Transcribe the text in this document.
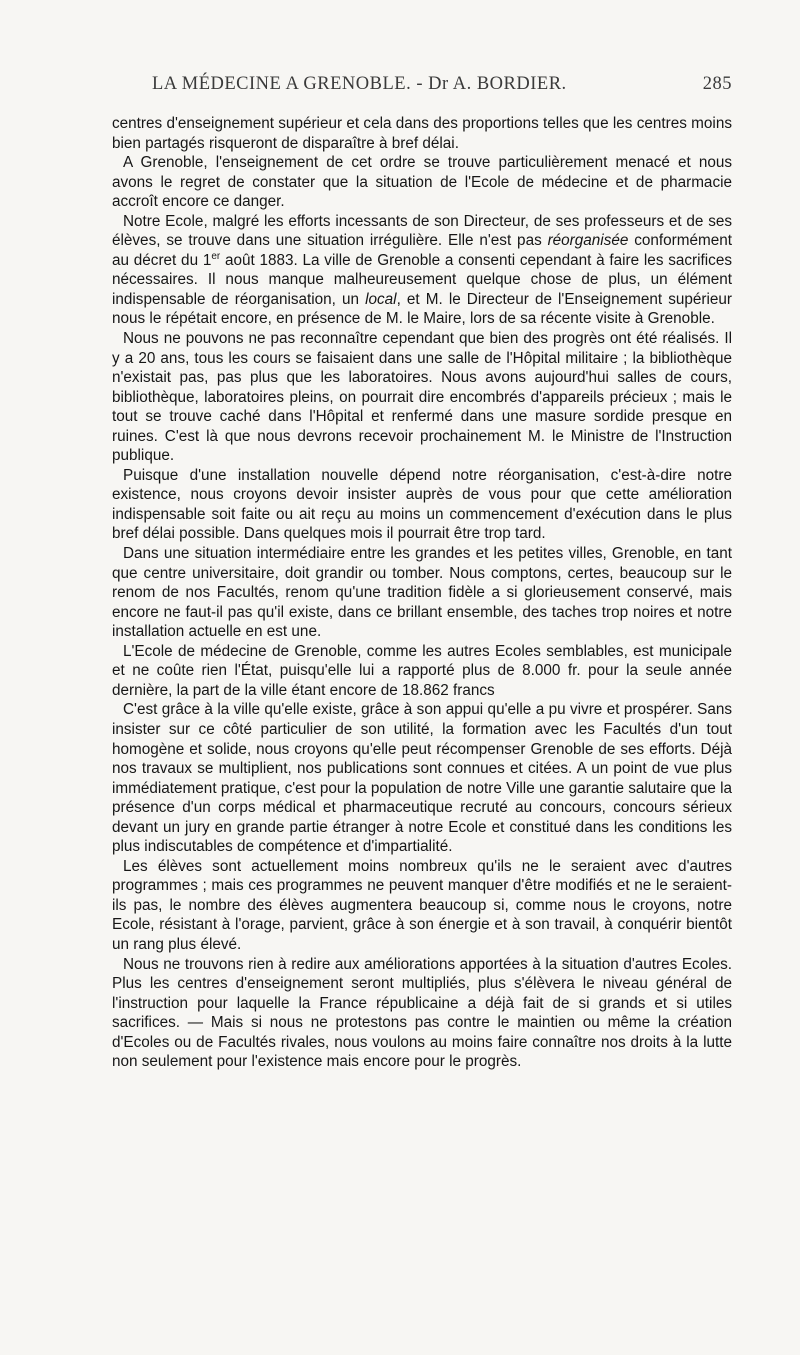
LA MÉDECINE A GRENOBLE. - Dr A. BORDIER.	285

centres d'enseignement supérieur et cela dans des proportions telles que les centres moins bien partagés risqueront de disparaître à bref délai.

A Grenoble, l'enseignement de cet ordre se trouve particulièrement menacé et nous avons le regret de constater que la situation de l'Ecole de médecine et de pharmacie accroît encore ce danger.

Notre Ecole, malgré les efforts incessants de son Directeur, de ses professeurs et de ses élèves, se trouve dans une situation irrégulière. Elle n'est pas réorganisée conformément au décret du 1er août 1883. La ville de Grenoble a consenti cependant à faire les sacrifices nécessaires. Il nous manque malheureusement quelque chose de plus, un élément indispensable de réorganisation, un local, et M. le Directeur de l'Enseignement supérieur nous le répétait encore, en présence de M. le Maire, lors de sa récente visite à Grenoble.

Nous ne pouvons ne pas reconnaître cependant que bien des progrès ont été réalisés. Il y a 20 ans, tous les cours se faisaient dans une salle de l'Hôpital militaire ; la bibliothèque n'existait pas, pas plus que les laboratoires. Nous avons aujourd'hui salles de cours, bibliothèque, laboratoires pleins, on pourrait dire encombrés d'appareils précieux ; mais le tout se trouve caché dans l'Hôpital et renfermé dans une masure sordide presque en ruines. C'est là que nous devrons recevoir prochainement M. le Ministre de l'Instruction publique.

Puisque d'une installation nouvelle dépend notre réorganisation, c'est-à-dire notre existence, nous croyons devoir insister auprès de vous pour que cette amélioration indispensable soit faite ou ait reçu au moins un commencement d'exécution dans le plus bref délai possible. Dans quelques mois il pourrait être trop tard.

Dans une situation intermédiaire entre les grandes et les petites villes, Grenoble, en tant que centre universitaire, doit grandir ou tomber. Nous comptons, certes, beaucoup sur le renom de nos Facultés, renom qu'une tradition fidèle a si glorieusement conservé, mais encore ne faut-il pas qu'il existe, dans ce brillant ensemble, des taches trop noires et notre installation actuelle en est une.

L'Ecole de médecine de Grenoble, comme les autres Ecoles semblables, est municipale et ne coûte rien l'État, puisqu'elle lui a rapporté plus de 8.000 fr. pour la seule année dernière, la part de la ville étant encore de 18.862 francs

C'est grâce à la ville qu'elle existe, grâce à son appui qu'elle a pu vivre et prospérer. Sans insister sur ce côté particulier de son utilité, la formation avec les Facultés d'un tout homogène et solide, nous croyons qu'elle peut récompenser Grenoble de ses efforts. Déjà nos travaux se multiplient, nos publications sont connues et citées. A un point de vue plus immédiatement pratique, c'est pour la population de notre Ville une garantie salutaire que la présence d'un corps médical et pharmaceutique recruté au concours, concours sérieux devant un jury en grande partie étranger à notre Ecole et constitué dans les conditions les plus indiscutables de compétence et d'impartialité.

Les élèves sont actuellement moins nombreux qu'ils ne le seraient avec d'autres programmes ; mais ces programmes ne peuvent manquer d'être modifiés et ne le seraient-ils pas, le nombre des élèves augmentera beaucoup si, comme nous le croyons, notre Ecole, résistant à l'orage, parvient, grâce à son énergie et à son travail, à conquérir bientôt un rang plus élevé.

Nous ne trouvons rien à redire aux améliorations apportées à la situation d'autres Ecoles. Plus les centres d'enseignement seront multipliés, plus s'élèvera le niveau général de l'instruction pour laquelle la France républicaine a déjà fait de si grands et si utiles sacrifices. — Mais si nous ne protestons pas contre le maintien ou même la création d'Ecoles ou de Facultés rivales, nous voulons au moins faire connaître nos droits à la lutte non seulement pour l'existence mais encore pour le progrès.
